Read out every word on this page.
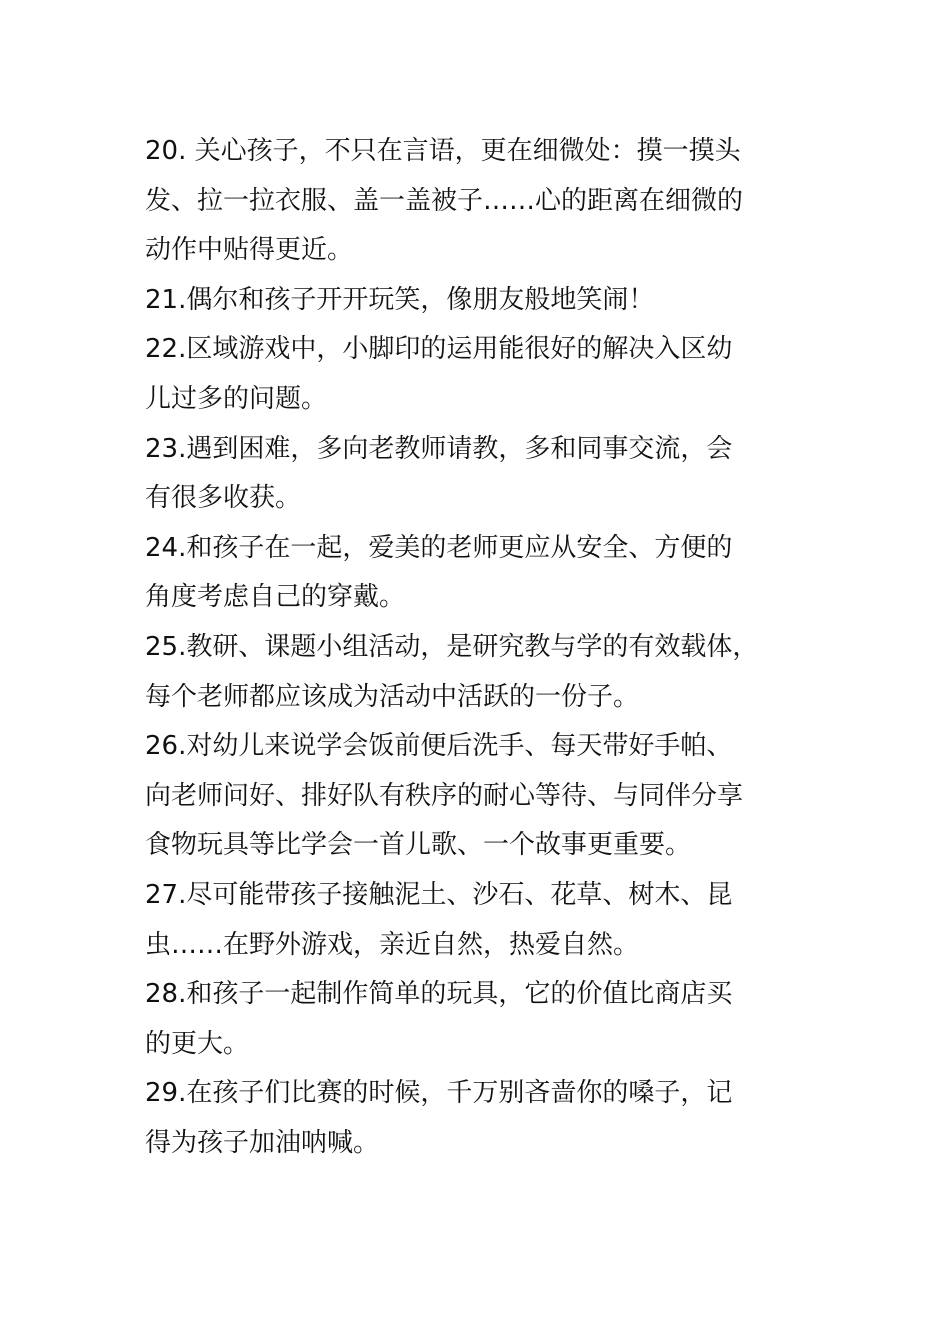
20. 关心孩子，不只在言语，更在细微处：摸一摸头
发、拉一拉衣服、盖一盖被子……心的距离在细微的
动作中贴得更近。

21.偶尔和孩子开开玩笑，像朋友般地笑闹！

22.区域游戏中，小脚印的运用能很好的解决入区幼
儿过多的问题。

23.遇到困难，多向老教师请教，多和同事交流，会
有很多收获。

24.和孩子在一起，爱美的老师更应从安全、方便的
角度考虑自己的穿戴。

25.教研、课题小组活动，是研究教与学的有效载体，
每个老师都应该成为活动中活跃的一份子。

26.对幼儿来说学会饭前便后洗手、每天带好手帕、
向老师问好、排好队有秩序的耐心等待、与同伴分享
食物玩具等比学会一首儿歌、一个故事更重要。

27.尽可能带孩子接触泥土、沙石、花草、树木、昆
虫……在野外游戏，亲近自然，热爱自然。

28.和孩子一起制作简单的玩具，它的价值比商店买
的更大。

29.在孩子们比赛的时候，千万别吝啬你的嗓子，记
得为孩子加油呐喊。
